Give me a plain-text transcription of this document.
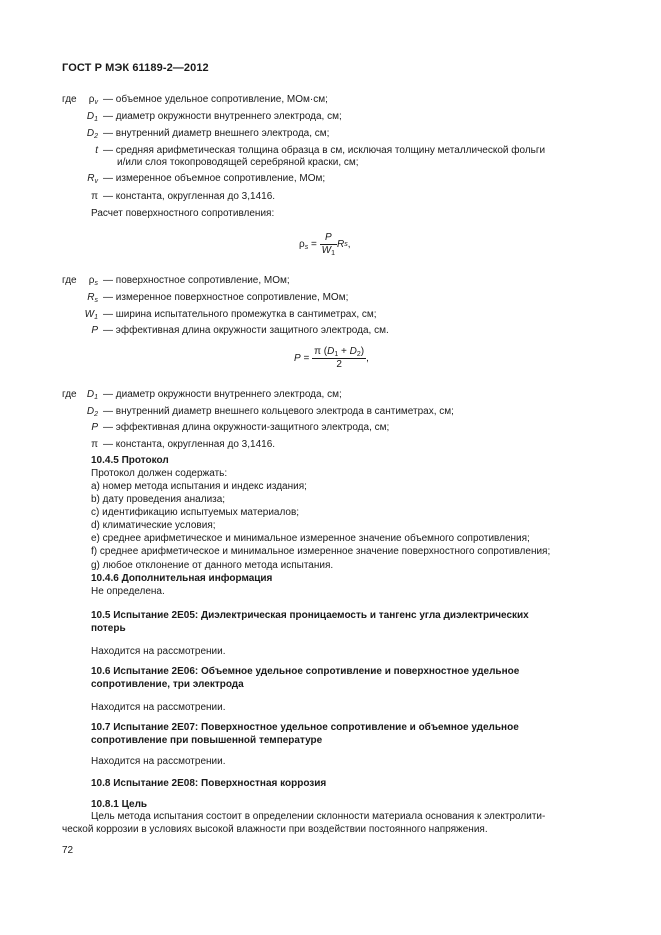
ГОСТ Р МЭК 61189-2—2012
где	$\rho_v$ — объемное удельное сопротивление, МОм·см;
$D_1$ — диаметр окружности внутреннего электрода, см;
$D_2$ — внутренний диаметр внешнего электрода, см;
t — средняя арифметическая толщина образца в см, исключая толщину металлической фольги
и/или слоя токопроводящей серебряной краски, см;
$R_v$ — измеренное объемное сопротивление, МОм;
π — константа, округленная до 3,1416.
Расчет поверхностного сопротивления:
$\rho_s = \frac{P}{W_1}$ R s ,
где	$\rho_s$ — поверхностное сопротивление, МОм;
$R_s$ — измеренное поверхностное сопротивление, МОм;
$W_1$ — ширина испытательного промежутка в сантиметрах, см;
P — эффективная длина окружности защитного электрода, см.
$P = \frac{\pi (D_1 + D_2)}{2}$ ,
где	$D_1$ — диаметр окружности внутреннего электрода, см;
$D_2$ — внутренний диаметр внешнего кольцевого электрода в сантиметрах, см;
P — эффективная длина окружности-защитного электрода, см;
π — константа, округленная до 3,1416.
10.4.5 Протокол
Протокол должен содержать:
a) номер метода испытания и индекс издания;
b) дату проведения анализа;
c) идентификацию испытуемых материалов;
d) климатические условия;
e) среднее арифметическое и минимальное измеренное значение объемного сопротивления;
f) среднее арифметическое и минимальное измеренное значение поверхностного сопротивления;
g) любое отклонение от данного метода испытания.
10.4.6 Дополнительная информация
Не определена.
10.5 Испытание 2Е05: Диэлектрическая проницаемость и тангенс угла диэлектрических
потерь
Находится на рассмотрении.
10.6 Испытание 2Е06: Объемное удельное сопротивление и поверхностное удельное
сопротивление, три электрода
Находится на рассмотрении.
10.7 Испытание 2Е07: Поверхностное удельное сопротивление и объемное удельное
сопротивление при повышенной температуре
Находится на рассмотрении.
10.8 Испытание 2Е08: Поверхностная коррозия
10.8.1 Цель
Цель метода испытания состоит в определении склонности материала основания к электролити-
ческой коррозии в условиях высокой влажности при воздействии постоянного напряжения.
72
